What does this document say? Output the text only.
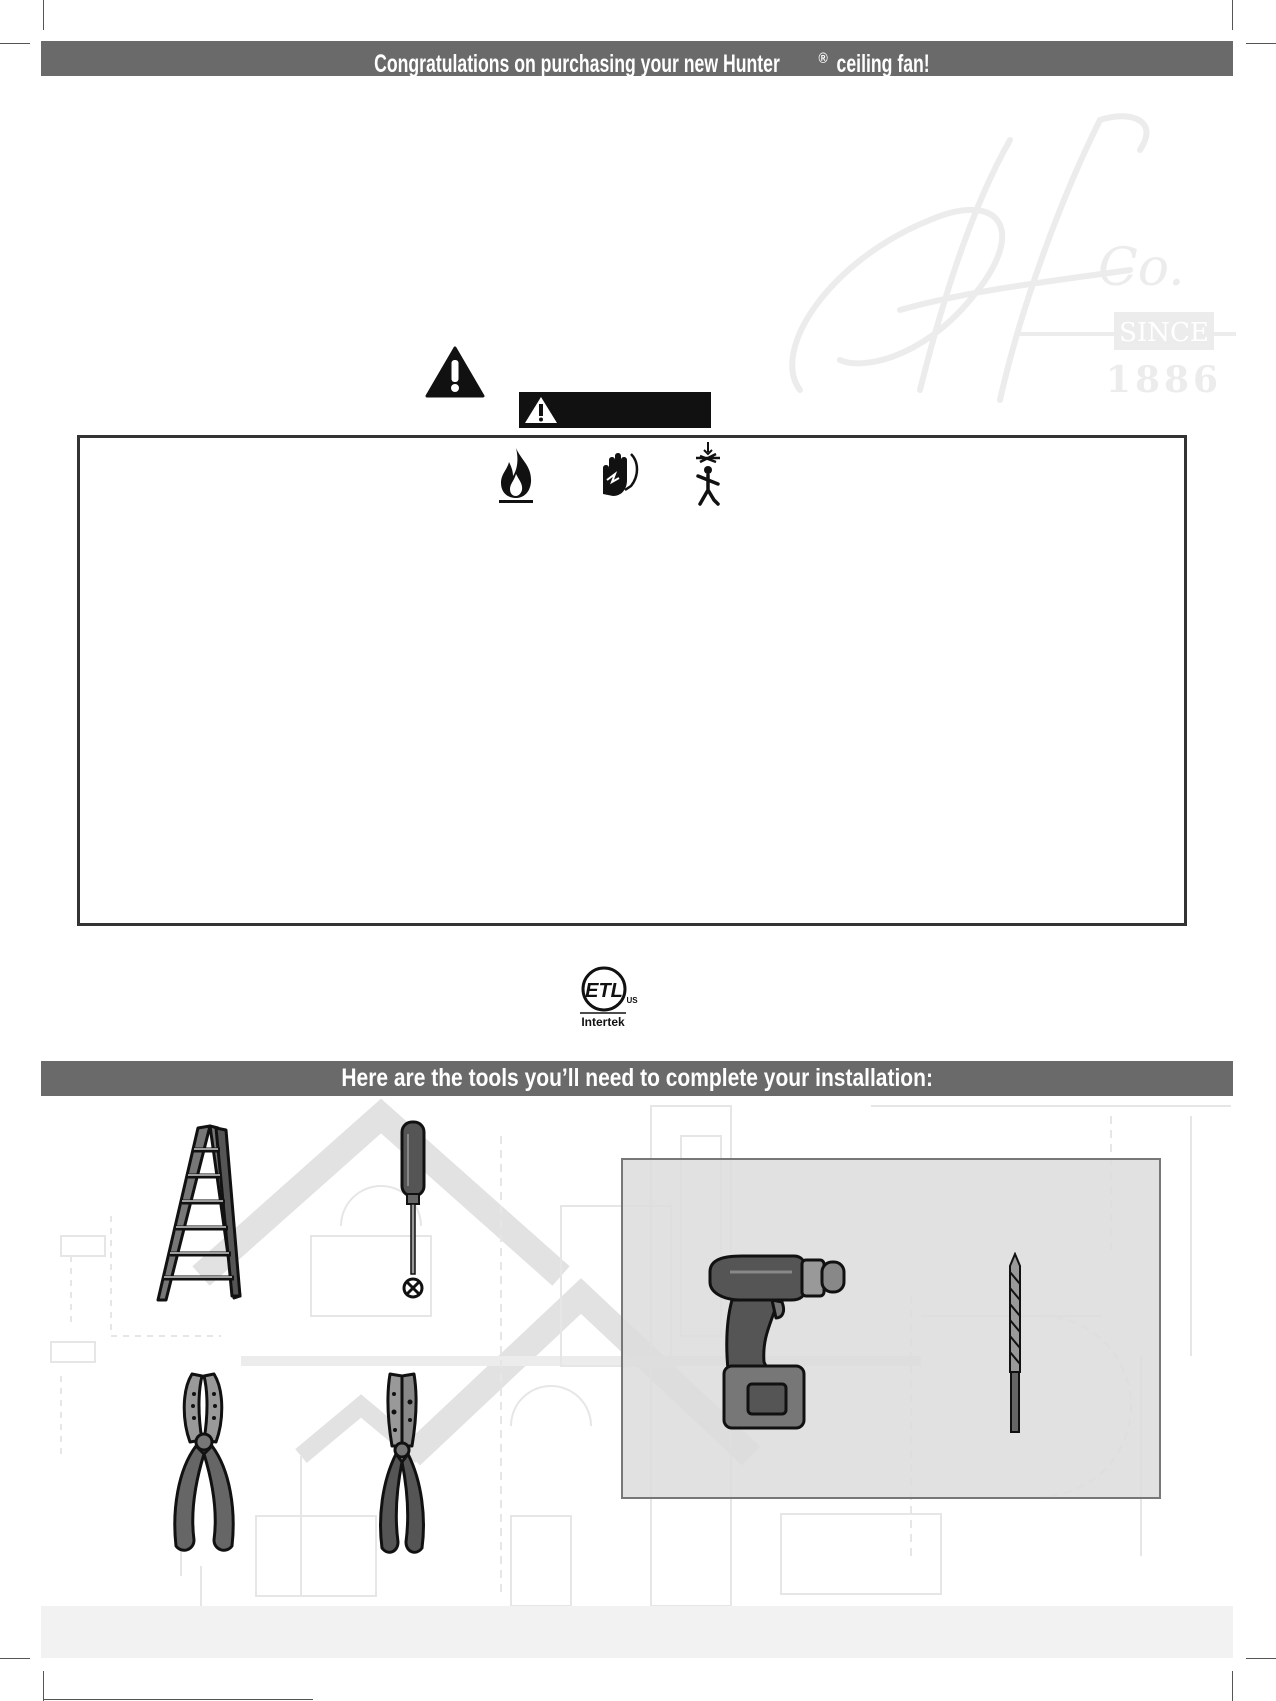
Congratulations on purchasing your new Hunter	®ceiling fan!
Co.
SINCE
1886
ETL US
Intertek
Here are the tools you’ll need to complete your installation:
